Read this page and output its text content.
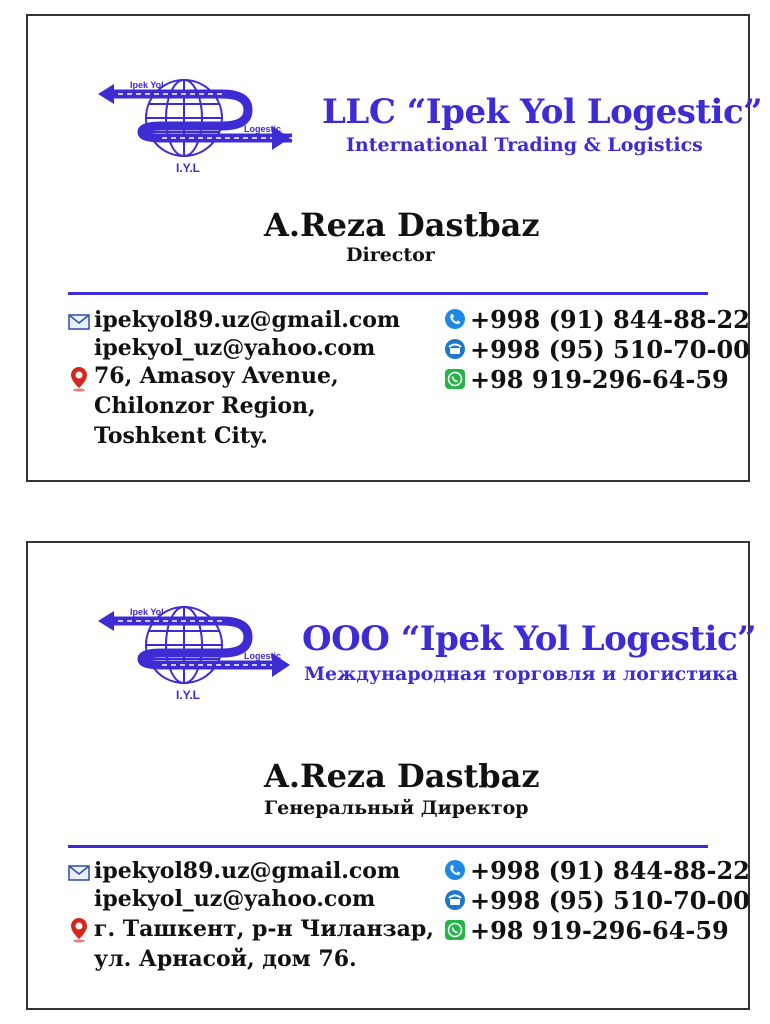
Ipek Yol
Logestic
I.Y.L
LLC “Ipek Yol Logestic”
International Trading & Logistics
A.Reza Dastbaz
Director
ipekyol89.uz@gmail.com
ipekyol_uz@yahoo.com
76, Amasoy Avenue,
Chilonzor Region,
Toshkent City.
+998 (91) 844-88-22
+998 (95) 510-70-00
+98 919-296-64-59
Ipek Yol
Logestic
I.Y.L
OOO “Ipek Yol Logestic”
Международная торговля и логистика
A.Reza Dastbaz
Генеральный Директор
ipekyol89.uz@gmail.com
ipekyol_uz@yahoo.com
г. Ташкент, р-н Чиланзар,
ул. Арнасой, дом 76.
+998 (91) 844-88-22
+998 (95) 510-70-00
+98 919-296-64-59
